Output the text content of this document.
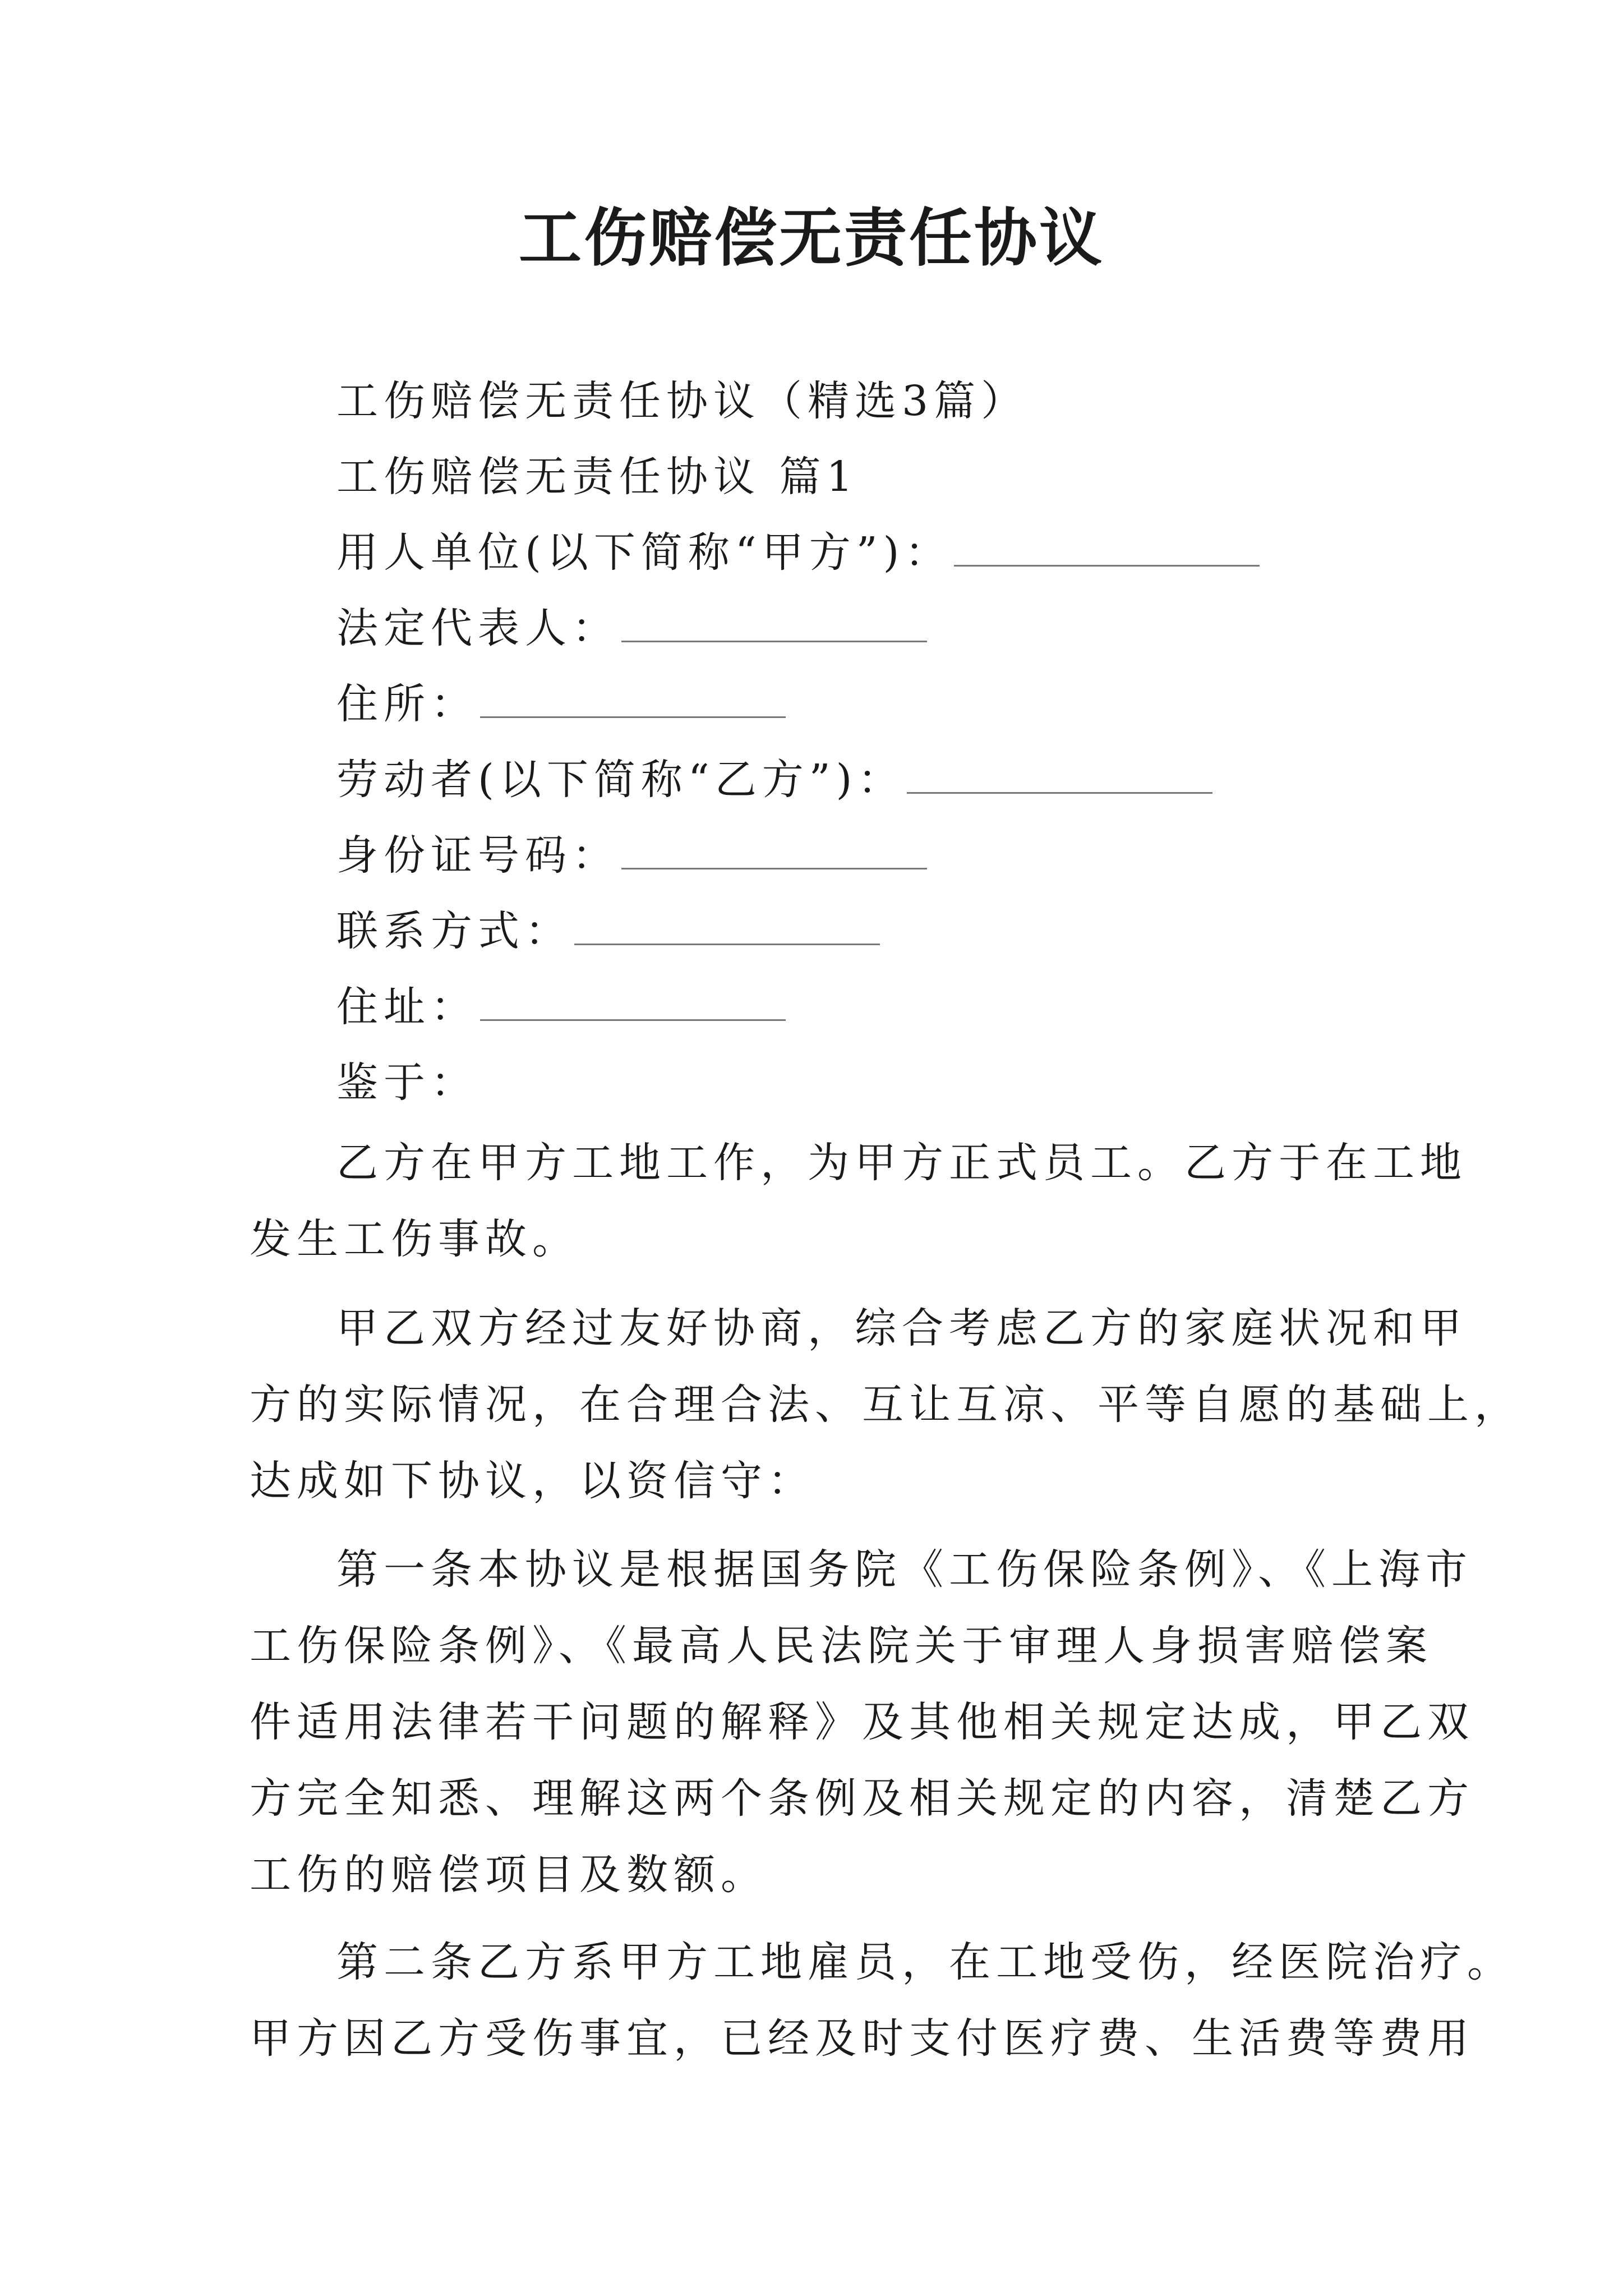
工伤赔偿无责任协议
工伤赔偿无责任协议（精选3篇）
工伤赔偿无责任协议 篇1
用人单位(以下简称“甲方”)：
法定代表人：
住所：
劳动者(以下简称“乙方”)：
身份证号码：
联系方式：
住址：
鉴于：
乙方在甲方工地工作，为甲方正式员工。乙方于在工地
发生工伤事故。
甲乙双方经过友好协商，综合考虑乙方的家庭状况和甲
方的实际情况，在合理合法、互让互凉、平等自愿的基础上，
达成如下协议，以资信守：
第一条本协议是根据国务院《工伤保险条例》、《上海市
工伤保险条例》、《最高人民法院关于审理人身损害赔偿案
件适用法律若干问题的解释》及其他相关规定达成，甲乙双
方完全知悉、理解这两个条例及相关规定的内容，清楚乙方
工伤的赔偿项目及数额。
第二条乙方系甲方工地雇员，在工地受伤，经医院治疗。
甲方因乙方受伤事宜，已经及时支付医疗费、生活费等费用
